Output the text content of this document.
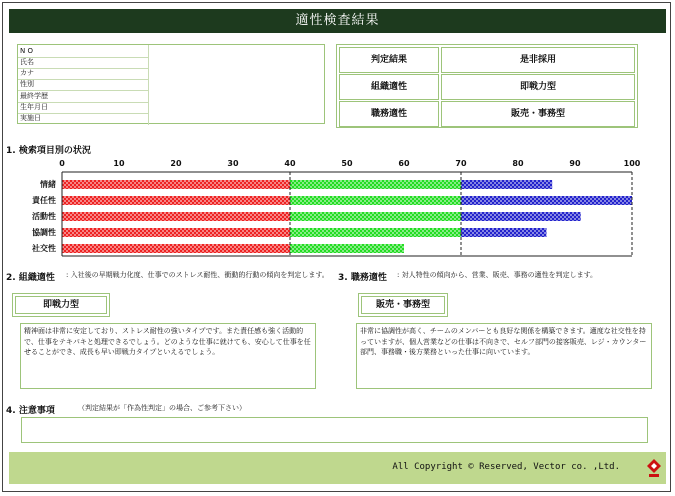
適性検査結果
N O
氏名
カナ
性別
最終学歴
生年月日
実施日
判定結果	是非採用
組織適性	即戦力型
職務適性	販売・事務型
1. 検索項目別の状況
0	10	20	30	40	50	60	70	80	90	100
情緒
責任性
活動性
協調性
社交性
2. 組織適性 : 入社後の早期戦力化度、仕事でのストレス耐性、衝動的行動の傾向を判定します。
即戦力型
精神面は非常に安定しており、ストレス耐性の強いタイプです。また責任感も強く活動的で、仕事をテキパキと処理できるでしょう。どのような仕事に就けても、安心して仕事を任せることができ、成長も早い即戦力タイプといえるでしょう。
3. 職務適性 : 対人特性の傾向から、営業、販売、事務の適性を判定します。
販売・事務型
非常に協調性が高く、チームのメンバーとも良好な関係を構築できます。適度な社交性を持っていますが、個人営業などの仕事は不向きで、セルフ部門の接客販売、レジ・カウンター部門、事務職・後方業務といった仕事に向いています。
4. 注意事項	（判定結果が「作為性判定」の場合、ご参考下さい）
All Copyright © Reserved, Vector co. ,Ltd.
